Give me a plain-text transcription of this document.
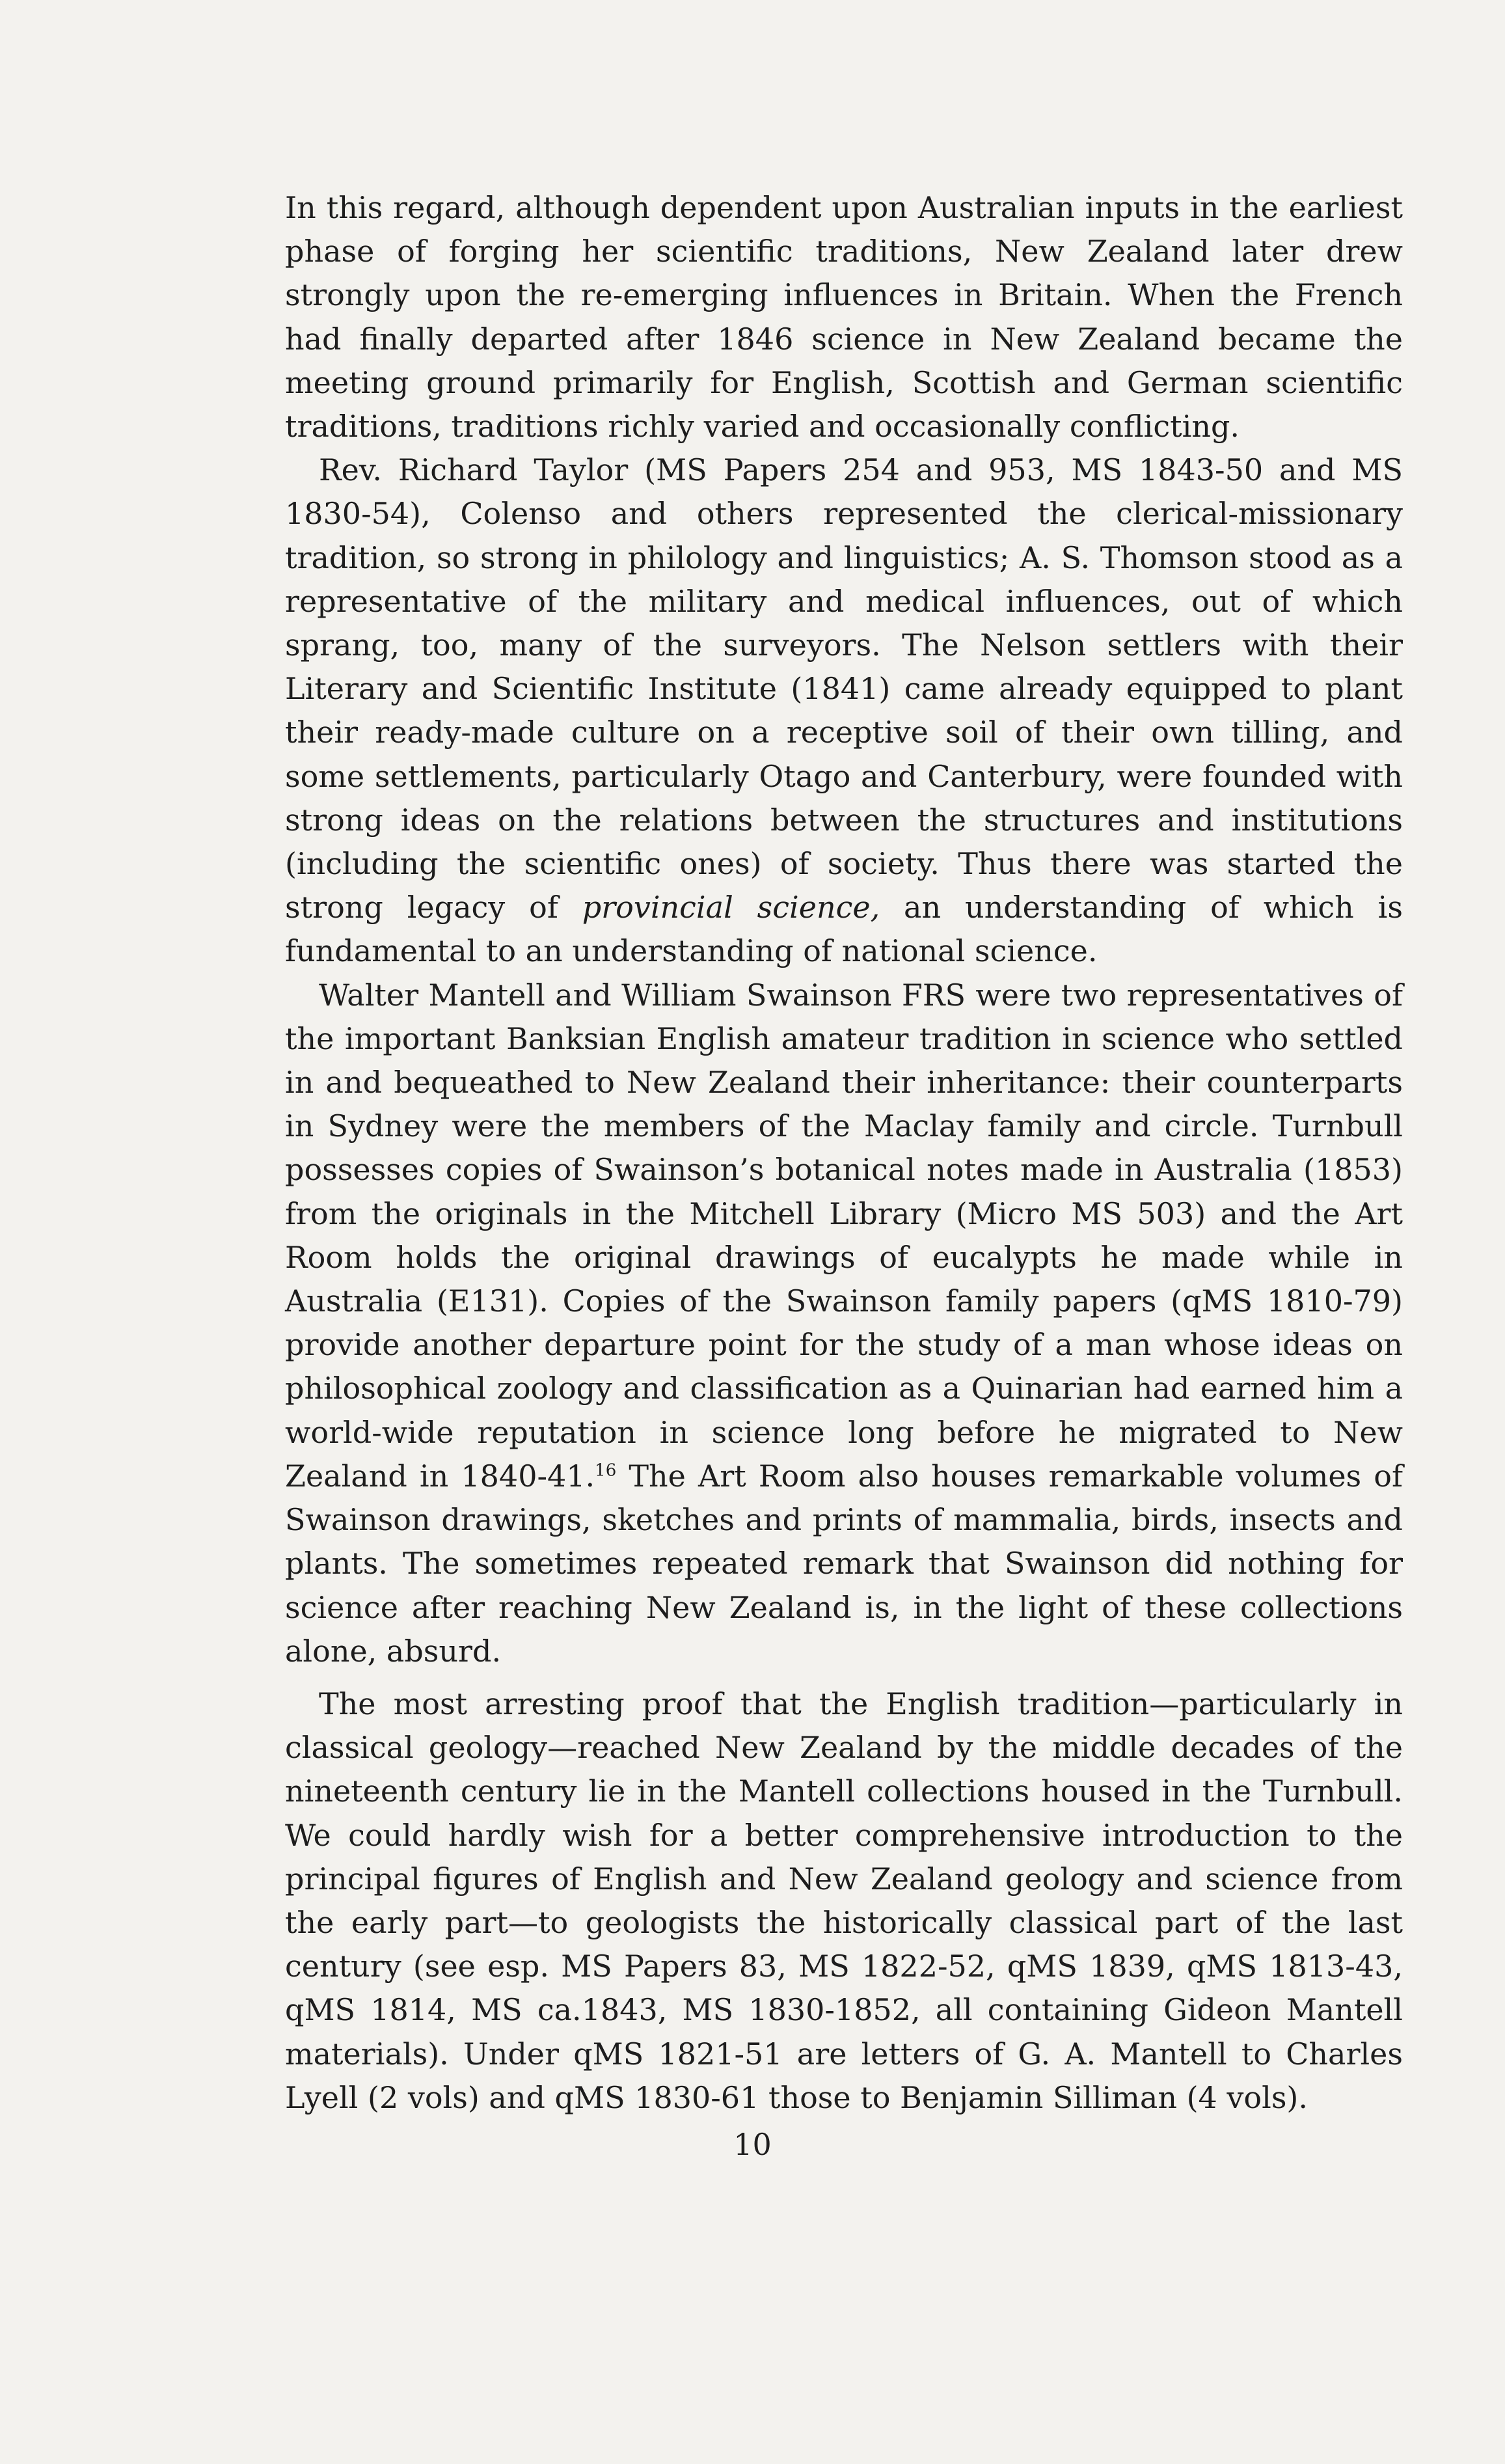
In this regard, although dependent upon Australian inputs in the earliest phase of forging her scientific traditions, New Zealand later drew strongly upon the re-emerging influences in Britain. When the French had finally departed after 1846 science in New Zealand became the meeting ground primarily for English, Scottish and German scientific traditions, traditions richly varied and occasionally conflicting.

Rev. Richard Taylor (MS Papers 254 and 953, MS 1843-50 and MS 1830-54), Colenso and others represented the clerical-missionary tradition, so strong in philology and linguistics; A. S. Thomson stood as a representative of the military and medical influences, out of which sprang, too, many of the surveyors. The Nelson settlers with their Literary and Scientific Institute (1841) came already equipped to plant their ready-made culture on a receptive soil of their own tilling, and some settlements, particularly Otago and Canterbury, were founded with strong ideas on the relations between the structures and institutions (including the scientific ones) of society. Thus there was started the strong legacy of provincial science, an understanding of which is fundamental to an understanding of national science.

Walter Mantell and William Swainson FRS were two representatives of the important Banksian English amateur tradition in science who settled in and bequeathed to New Zealand their inheritance: their counterparts in Sydney were the members of the Maclay family and circle. Turnbull possesses copies of Swainson’s botanical notes made in Australia (1853) from the originals in the Mitchell Library (Micro MS 503) and the Art Room holds the original drawings of eucalypts he made while in Australia (E131). Copies of the Swainson family papers (qMS 1810-79) provide another departure point for the study of a man whose ideas on philosophical zoology and classification as a Quinarian had earned him a world-wide reputation in science long before he migrated to New Zealand in 1840-41.16 The Art Room also houses remarkable volumes of Swainson drawings, sketches and prints of mammalia, birds, insects and plants. The sometimes repeated remark that Swainson did nothing for science after reaching New Zealand is, in the light of these collections alone, absurd.

The most arresting proof that the English tradition—particularly in classical geology—reached New Zealand by the middle decades of the nineteenth century lie in the Mantell collections housed in the Turnbull. We could hardly wish for a better comprehensive introduction to the principal figures of English and New Zealand geology and science from the early part—to geologists the historically classical part of the last century (see esp. MS Papers 83, MS 1822-52, qMS 1839, qMS 1813-43, qMS 1814, MS ca.1843, MS 1830-1852, all containing Gideon Mantell materials). Under qMS 1821-51 are letters of G. A. Mantell to Charles Lyell (2 vols) and qMS 1830-61 those to Benjamin Silliman (4 vols).

10
